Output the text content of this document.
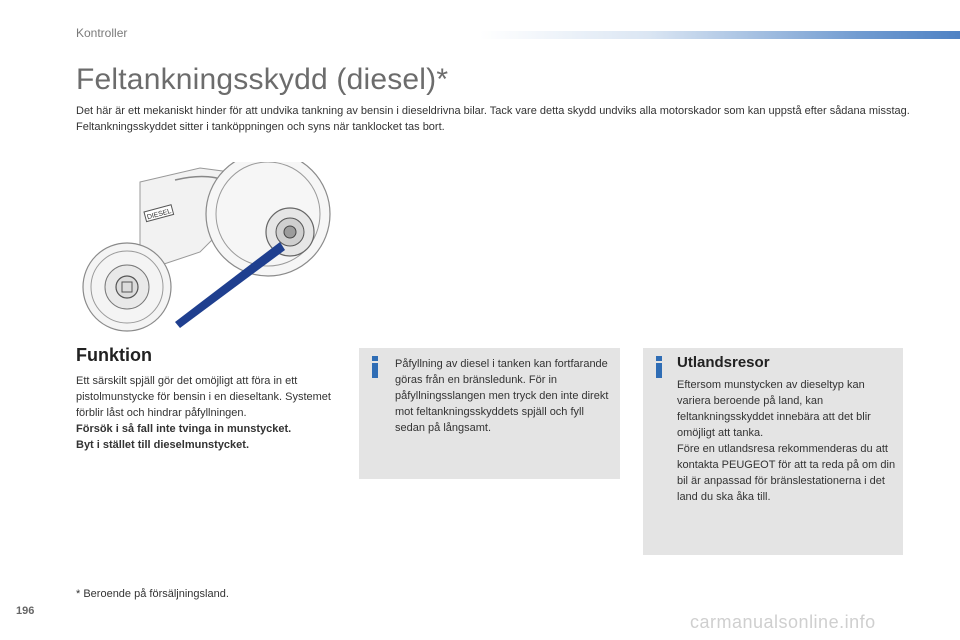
Kontroller
Feltankningsskydd (diesel)*

Det här är ett mekaniskt hinder för att undvika tankning av bensin i dieseldrivna bilar. Tack vare detta skydd undviks alla motorskador som kan uppstå efter sådana misstag.

Feltankningsskyddet sitter i tanköppningen och syns när tanklocket tas bort.

DIESEL
Funktion

Ett särskilt spjäll gör det omöjligt att föra in ett pistolmunstycke för bensin i en dieseltank. Systemet förblir låst och hindrar påfyllningen.

Försök i så fall inte tvinga in munstycket.

Byt i stället till dieselmunstycket.

Påfyllning av diesel i tanken kan fortfarande göras från en bränsledunk. För in påfyllningsslangen men tryck den inte direkt mot feltankningsskyddets spjäll och fyll sedan på långsamt.
Utlandsresor

Eftersom munstycken av dieseltyp kan variera beroende på land, kan feltankningsskyddet innebära att det blir omöjligt att tanka.

Före en utlandsresa rekommenderas du att kontakta PEUGEOT för att ta reda på om din bil är anpassad för bränslestationerna i det land du ska åka till.

* Beroende på försäljningsland.
196
carmanualsonline.info
